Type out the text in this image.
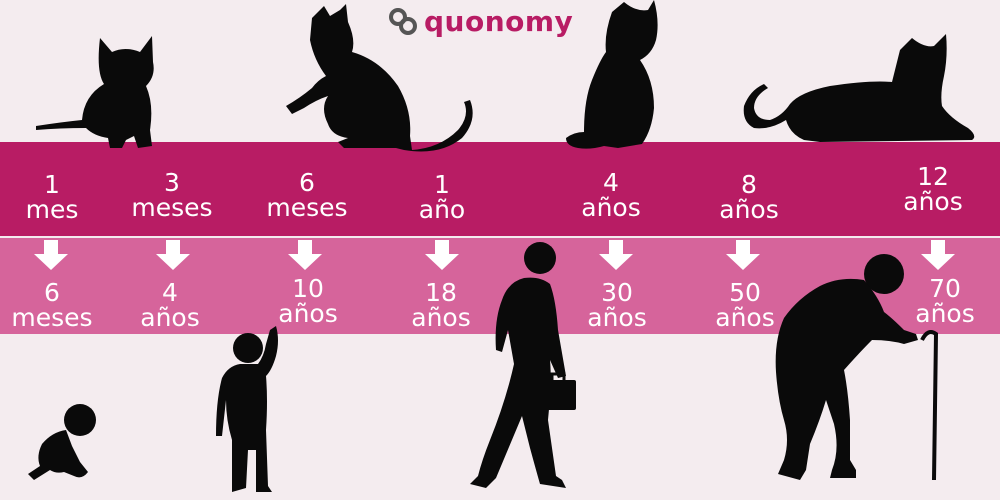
quonomy
1
mes
3
meses
6
meses
1
año
4
años
8
años
12
años
6
meses
4
años
10
años
18
años
30
años
50
años
70
años
